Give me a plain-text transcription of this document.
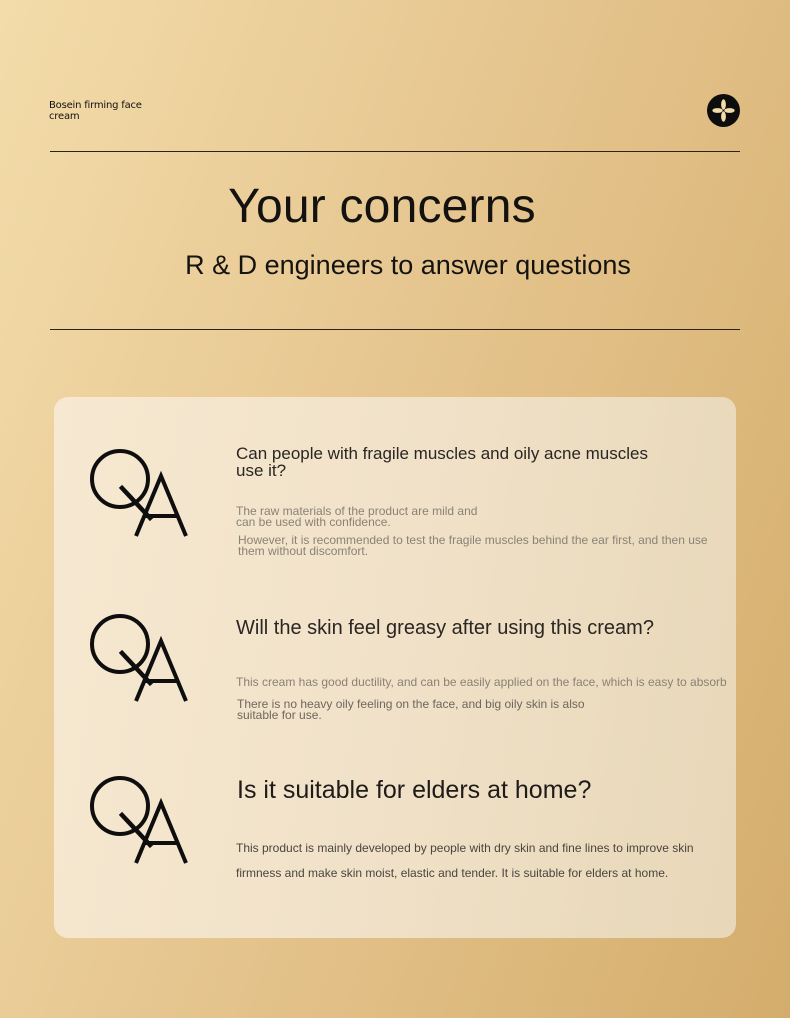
Bosein firming face cream
Your concerns
R & D engineers to answer questions
Can people with fragile muscles and oily acne muscles use it?
The raw materials of the product are mild and can be used with confidence.
However, it is recommended to test the fragile muscles behind the ear first, and then use them without discomfort.
Will the skin feel greasy after using this cream?
This cream has good ductility, and can be easily applied on the face, which is easy to absorb
There is no heavy oily feeling on the face, and big oily skin is also suitable for use.
Is it suitable for elders at home?
This product is mainly developed by people with dry skin and fine lines to improve skin firmness and make skin moist, elastic and tender. It is suitable for elders at home.
